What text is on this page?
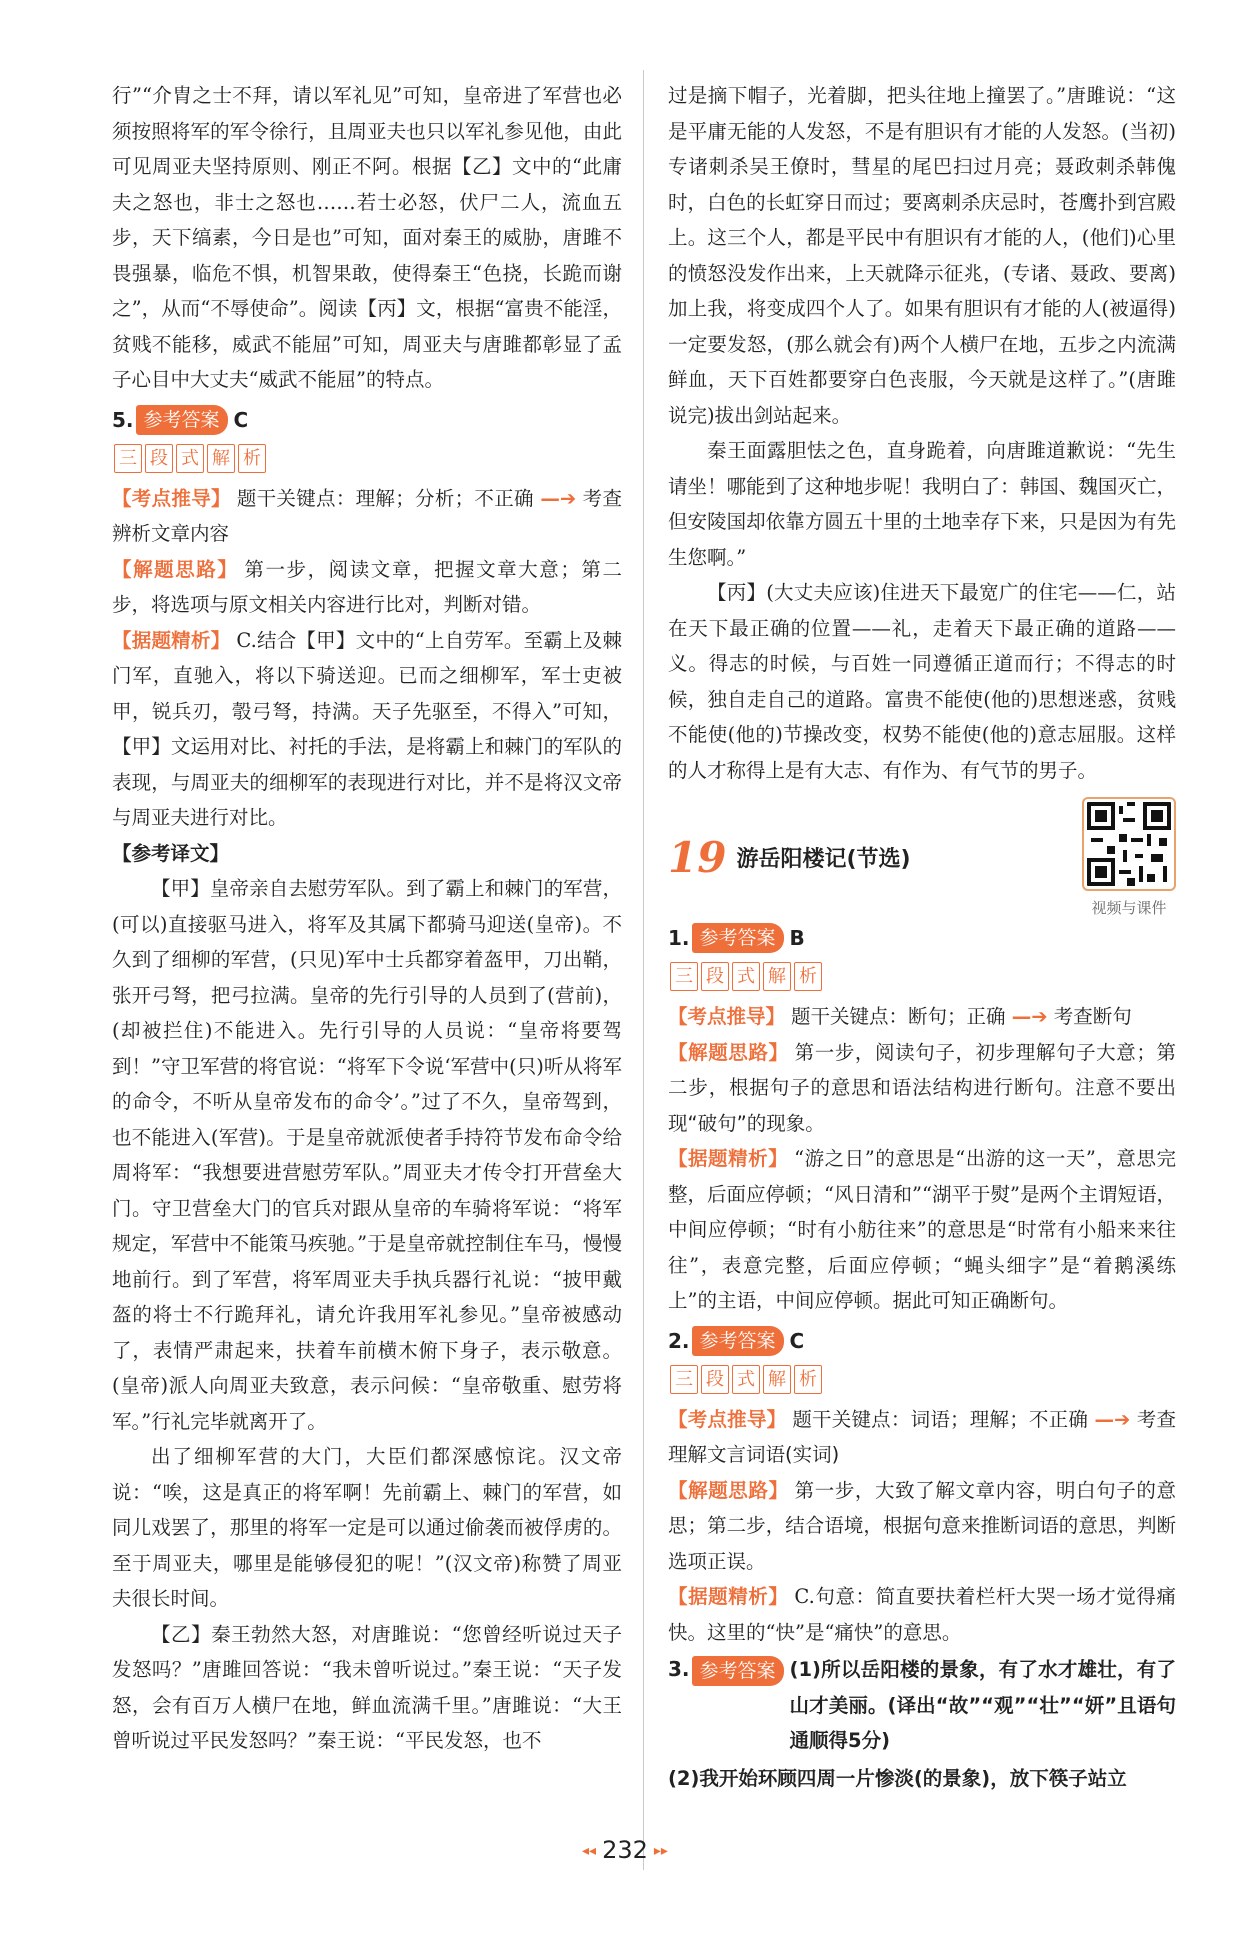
行”“介胄之士不拜，请以军礼见”可知，皇帝进了军营也必须按照将军的军令徐行，且周亚夫也只以军礼参见他，由此可见周亚夫坚持原则、刚正不阿。根据【乙】文中的“此庸夫之怒也，非士之怒也……若士必怒，伏尸二人，流血五步，天下缟素，今日是也”可知，面对秦王的威胁，唐雎不畏强暴，临危不惧，机智果敢，使得秦王“色挠，长跪而谢之”，从而“不辱使命”。阅读【丙】文，根据“富贵不能淫，贫贱不能移，威武不能屈”可知，周亚夫与唐雎都彰显了孟子心目中大丈夫“威武不能屈”的特点。

5. 参考答案 C
三 段 式 解 析

【考点推导】 题干关键点：理解；分析；不正确 —➔ 考查辨析文章内容

【解题思路】 第一步，阅读文章，把握文章大意；第二步，将选项与原文相关内容进行比对，判断对错。

【据题精析】 C.结合【甲】文中的“上自劳军。至霸上及棘门军，直驰入，将以下骑送迎。已而之细柳军，军士吏被甲，锐兵刃，彀弓弩，持满。天子先驱至，不得入”可知，【甲】文运用对比、衬托的手法，是将霸上和棘门的军队的表现，与周亚夫的细柳军的表现进行对比，并不是将汉文帝与周亚夫进行对比。

【参考译文】

【甲】皇帝亲自去慰劳军队。到了霸上和棘门的军营，(可以)直接驱马进入，将军及其属下都骑马迎送(皇帝)。不久到了细柳的军营，(只见)军中士兵都穿着盔甲，刀出鞘，张开弓弩，把弓拉满。皇帝的先行引导的人员到了(营前)，(却被拦住)不能进入。先行引导的人员说：“皇帝将要驾到！”守卫军营的将官说：“将军下令说‘军营中(只)听从将军的命令，不听从皇帝发布的命令’。”过了不久，皇帝驾到，也不能进入(军营)。于是皇帝就派使者手持符节发布命令给周将军：“我想要进营慰劳军队。”周亚夫才传令打开营垒大门。守卫营垒大门的官兵对跟从皇帝的车骑将军说：“将军规定，军营中不能策马疾驰。”于是皇帝就控制住车马，慢慢地前行。到了军营，将军周亚夫手执兵器行礼说：“披甲戴盔的将士不行跪拜礼，请允许我用军礼参见。”皇帝被感动了，表情严肃起来，扶着车前横木俯下身子，表示敬意。(皇帝)派人向周亚夫致意，表示问候：“皇帝敬重、慰劳将军。”行礼完毕就离开了。

出了细柳军营的大门，大臣们都深感惊诧。汉文帝说：“唉，这是真正的将军啊！先前霸上、棘门的军营，如同儿戏罢了，那里的将军一定是可以通过偷袭而被俘虏的。至于周亚夫，哪里是能够侵犯的呢！”(汉文帝)称赞了周亚夫很长时间。

【乙】秦王勃然大怒，对唐雎说：“您曾经听说过天子发怒吗？”唐雎回答说：“我未曾听说过。”秦王说：“天子发怒，会有百万人横尸在地，鲜血流满千里。”唐雎说：“大王曾听说过平民发怒吗？”秦王说：“平民发怒，也不

过是摘下帽子，光着脚，把头往地上撞罢了。”唐雎说：“这是平庸无能的人发怒，不是有胆识有才能的人发怒。(当初)专诸刺杀吴王僚时，彗星的尾巴扫过月亮；聂政刺杀韩傀时，白色的长虹穿日而过；要离刺杀庆忌时，苍鹰扑到宫殿上。这三个人，都是平民中有胆识有才能的人，(他们)心里的愤怒没发作出来，上天就降示征兆，(专诸、聂政、要离)加上我，将变成四个人了。如果有胆识有才能的人(被逼得)一定要发怒，(那么就会有)两个人横尸在地，五步之内流满鲜血，天下百姓都要穿白色丧服，今天就是这样了。”(唐雎说完)拔出剑站起来。

秦王面露胆怯之色，直身跪着，向唐雎道歉说：“先生请坐！哪能到了这种地步呢！我明白了：韩国、魏国灭亡，但安陵国却依靠方圆五十里的土地幸存下来，只是因为有先生您啊。”

【丙】(大丈夫应该)住进天下最宽广的住宅——仁，站在天下最正确的位置——礼，走着天下最正确的道路——义。得志的时候，与百姓一同遵循正道而行；不得志的时候，独自走自己的道路。富贵不能使(他的)思想迷惑，贫贱不能使(他的)节操改变，权势不能使(他的)意志屈服。这样的人才称得上是有大志、有作为、有气节的男子。

19 游岳阳楼记(节选)
视频与课件
1. 参考答案 B
三 段 式 解 析

【考点推导】 题干关键点：断句；正确 —➔ 考查断句

【解题思路】 第一步，阅读句子，初步理解句子大意；第二步，根据句子的意思和语法结构进行断句。注意不要出现“破句”的现象。

【据题精析】 “游之日”的意思是“出游的这一天”，意思完整，后面应停顿；“风日清和”“湖平于熨”是两个主谓短语，中间应停顿；“时有小舫往来”的意思是“时常有小船来来往往”，表意完整，后面应停顿；“蝇头细字”是“着鹅溪练上”的主语，中间应停顿。据此可知正确断句。

2. 参考答案 C
三 段 式 解 析

【考点推导】 题干关键点：词语；理解；不正确 —➔ 考查理解文言词语(实词)

【解题思路】 第一步，大致了解文章内容，明白句子的意思；第二步，结合语境，根据句意来推断词语的意思，判断选项正误。

【据题精析】 C.句意：简直要扶着栏杆大哭一场才觉得痛快。这里的“快”是“痛快”的意思。

3. 参考答案 (1)所以岳阳楼的景象，有了水才雄壮，有了山才美丽。(译出“故”“观”“壮”“妍”且语句通顺得5分)

(2)我开始环顾四周一片惨淡(的景象)，放下筷子站立

◂◂ 232 ▸▸
